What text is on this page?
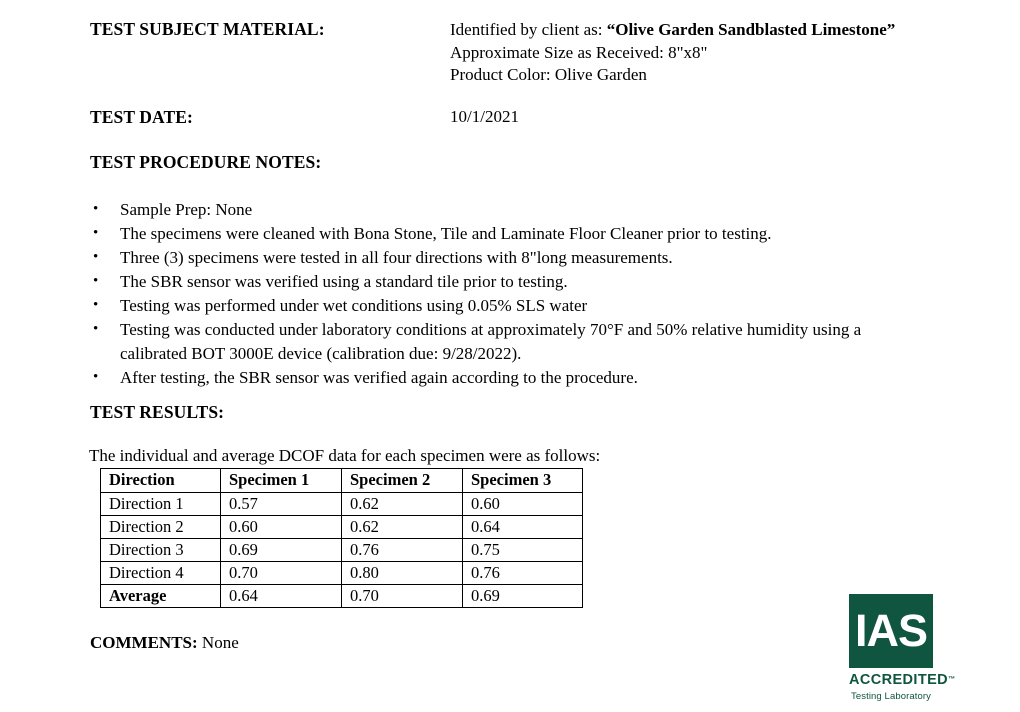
TEST SUBJECT MATERIAL:	Identified by client as: “Olive Garden Sandblasted Limestone”
Approximate Size as Received: 8"x8"
Product Color: Olive Garden
TEST DATE:	10/1/2021
TEST PROCEDURE NOTES:
• Sample Prep: None
• The specimens were cleaned with Bona Stone, Tile and Laminate Floor Cleaner prior to testing.
• Three (3) specimens were tested in all four directions with 8"long measurements.
• The SBR sensor was verified using a standard tile prior to testing.
• Testing was performed under wet conditions using 0.05% SLS water
• Testing was conducted under laboratory conditions at approximately 70°F and 50% relative humidity using a calibrated BOT 3000E device (calibration due: 9/28/2022).
• After testing, the SBR sensor was verified again according to the procedure.
TEST RESULTS:
The individual and average DCOF data for each specimen were as follows:
Direction	Specimen 1	Specimen 2	Specimen 3
Direction 1	0.57	0.62	0.60
Direction 2	0.60	0.62	0.64
Direction 3	0.69	0.76	0.75
Direction 4	0.70	0.80	0.76
Average	0.64	0.70	0.69
COMMENTS: None	IAS
ACCREDITED ™
Testing Laboratory
